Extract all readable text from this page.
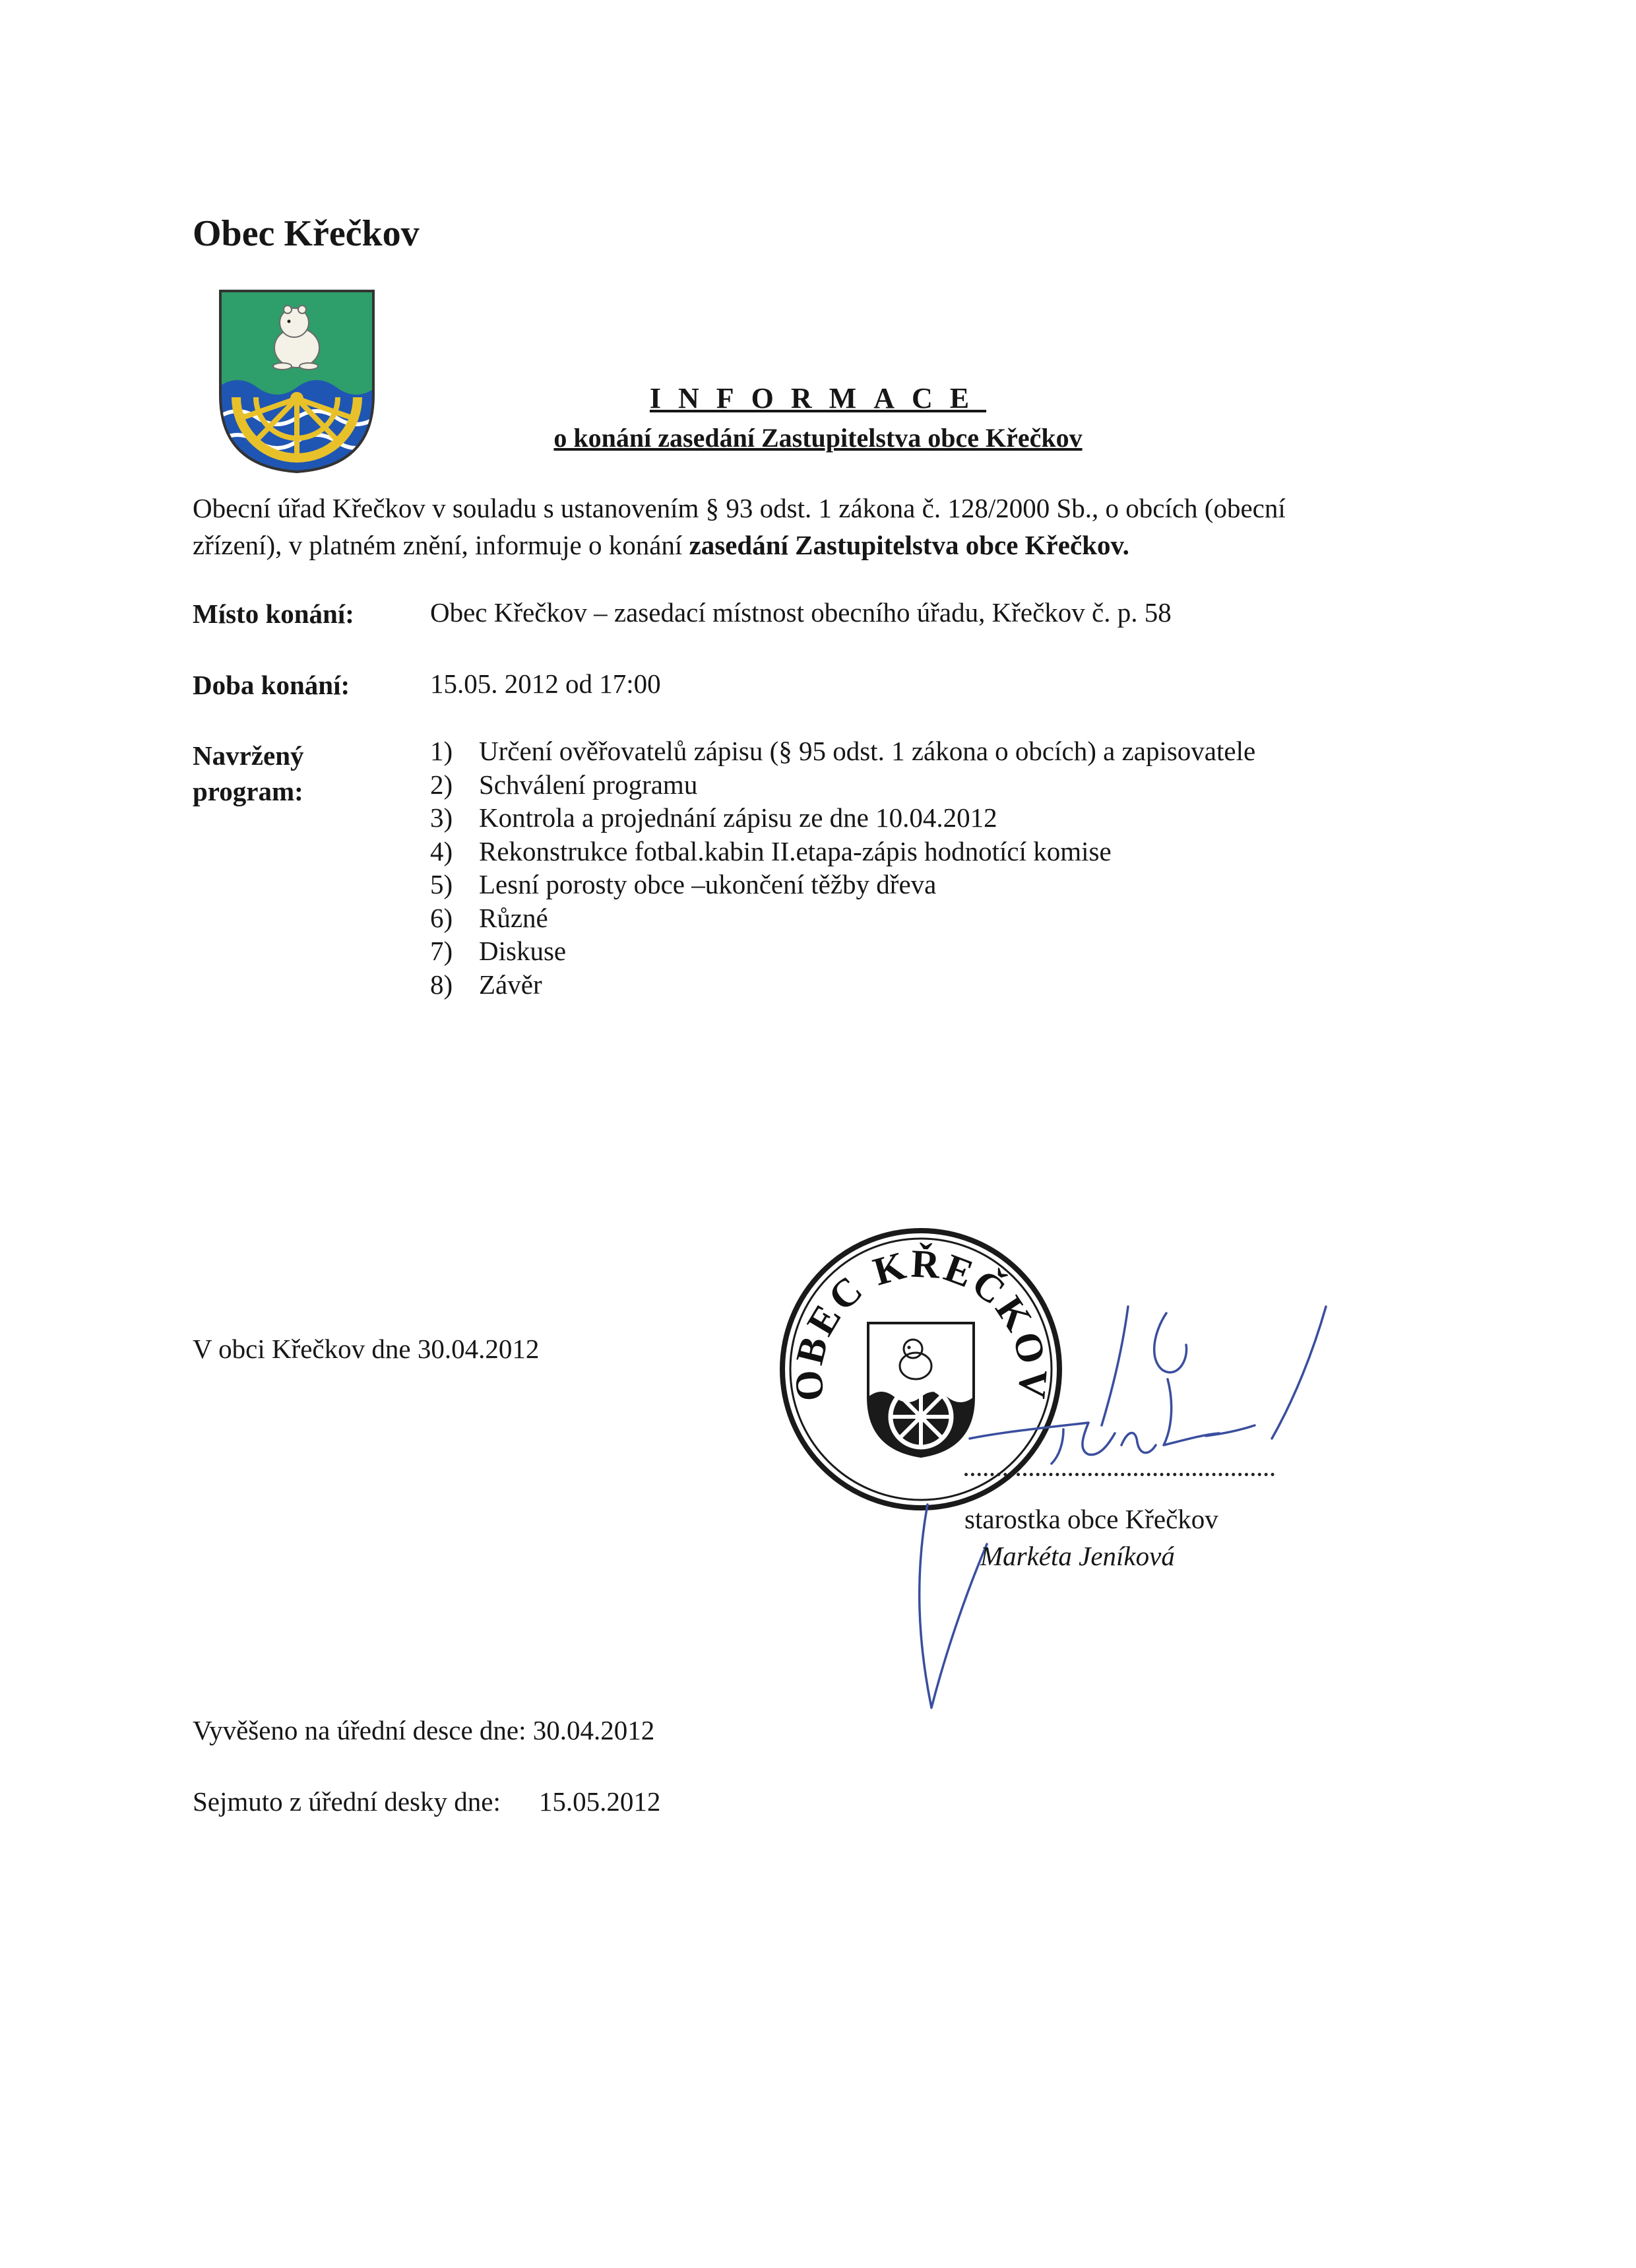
Obec Křečkov
INFORMACE
o konání zasedání Zastupitelstva obce Křečkov
Obecní úřad Křečkov v souladu s ustanovením § 93 odst. 1 zákona č. 128/2000 Sb., o obcích (obecní
zřízení), v platném znění, informuje o konání zasedání Zastupitelstva obce Křečkov.
Místo konání:	Obec Křečkov – zasedací místnost obecního úřadu, Křečkov č. p. 58
Doba konání:	15.05. 2012 od 17:00
Navržený
program:
1) Určení ověřovatelů zápisu (§ 95 odst. 1 zákona o obcích) a zapisovatele
2) Schválení programu
3) Kontrola a projednání zápisu ze dne 10.04.2012
4) Rekonstrukce fotbal.kabin II.etapa-zápis hodnotící komise
5) Lesní porosty obce –ukončení těžby dřeva
6) Různé
7) Diskuse
8) Závěr
V obci Křečkov dne 30.04.2012
OBEC KŘEČKOV
starostka obce Křečkov
Markéta Jeníková
Vyvěšeno na úřední desce dne: 30.04.2012
Sejmuto z úřední desky dne: 15.05.2012
